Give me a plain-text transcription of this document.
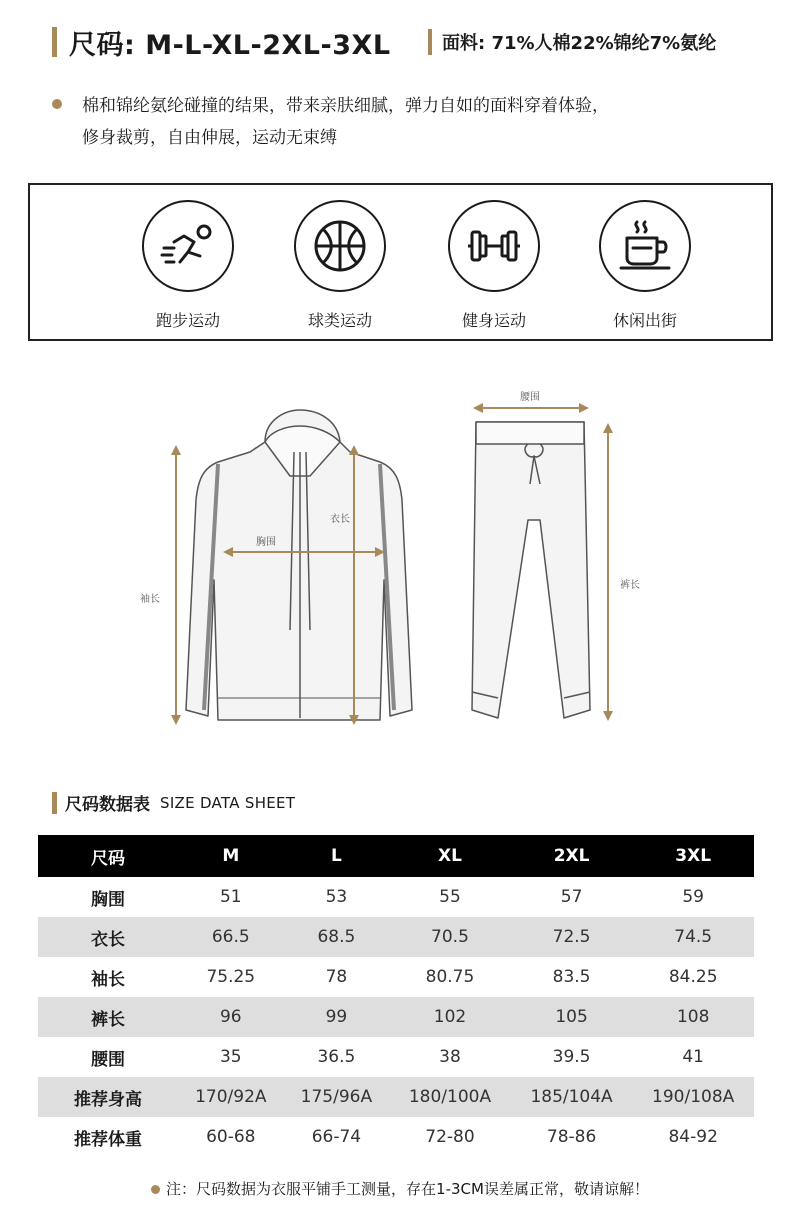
尺码: M-L-XL-2XL-3XL	面料: 71%人棉22%锦纶7%氨纶
棉和锦纶氨纶碰撞的结果，带来亲肤细腻，弹力自如的面料穿着体验，
修身裁剪，自由伸展，运动无束缚
跑步运动	球类运动	健身运动	休闲出街
袖长
胸围
衣长
腰围
裤长
尺码数据表 SIZE DATA SHEET
尺码	M	L	XL	2XL	3XL
胸围	51	53	55	57	59
衣长	66.5	68.5	70.5	72.5	74.5
袖长	75.25	78	80.75	83.5	84.25
裤长	96	99	102	105	108
腰围	35	36.5	38	39.5	41
推荐身高	170/92A	175/96A	180/100A	185/104A	190/108A
推荐体重	60-68	66-74	72-80	78-86	84-92
注：尺码数据为衣服平铺手工测量，存在1-3CM误差属正常，敬请谅解！
